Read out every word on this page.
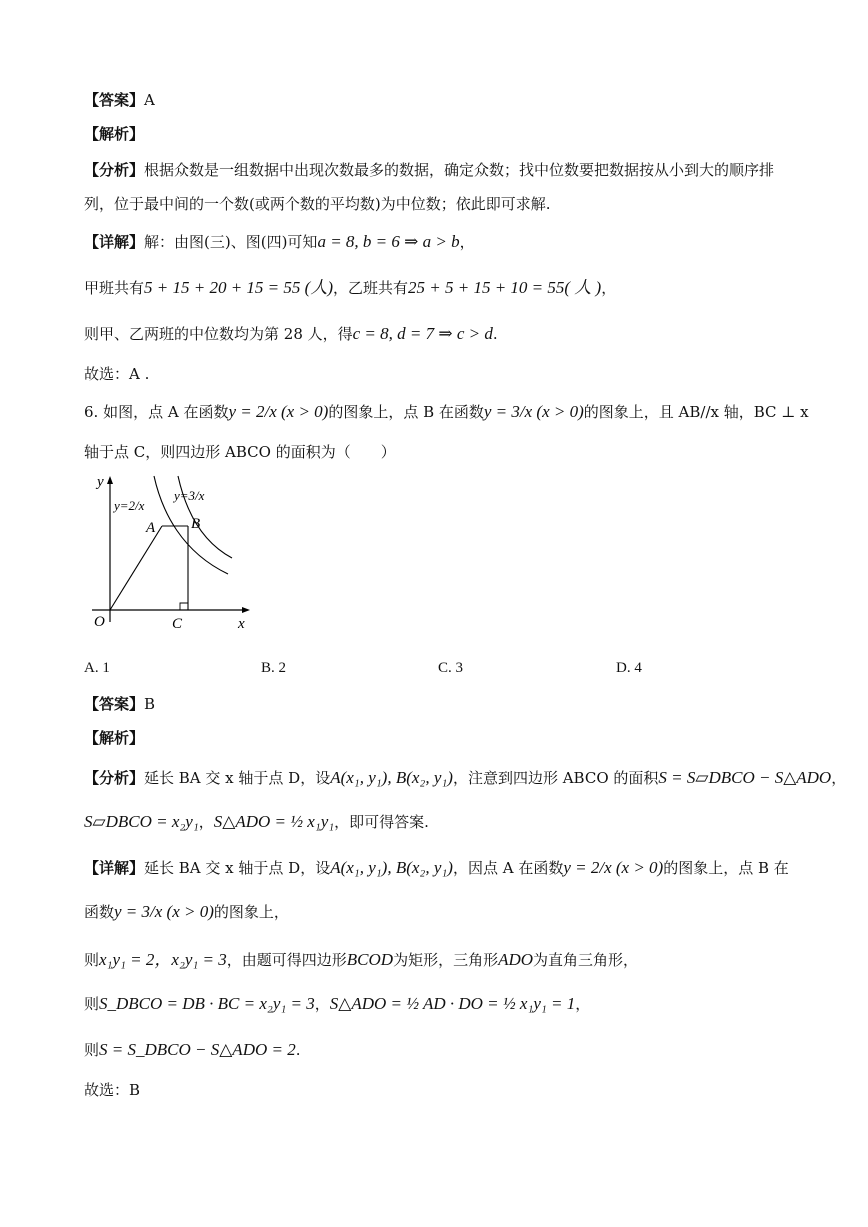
【答案】A
【解析】
【分析】根据众数是一组数据中出现次数最多的数据，确定众数；找中位数要把数据按从小到大的顺序排
列，位于最中间的一个数(或两个数的平均数)为中位数；依此即可求解.
【详解】解：由图(三)、图(四)可知a = 8, b = 6 ⇒ a > b，
甲班共有5 + 15 + 20 + 15 = 55 (人)，乙班共有25 + 5 + 15 + 10 = 55( 人 )，
则甲、乙两班的中位数均为第 28 人，得c = 8, d = 7 ⇒ c > d.
故选：A .
6. 如图，点 A 在函数y = 2/x (x > 0)的图象上，点 B 在函数y = 3/x (x > 0)的图象上，且 AB//x 轴，BC ⊥ x
轴于点 C，则四边形 ABCO 的面积为（　　）
y
x
O
A B
C
y=2/x
y=3/x
A. 1	B. 2	C. 3	D. 4
【答案】B
【解析】
【分析】延长 BA 交 x 轴于点 D，设A(x₁, y₁), B(x₂, y₁)，注意到四边形 ABCO 的面积S = S▱DBCO − S△ADO，
S▱DBCO = x₂y₁，S△ADO = ½ x₁y₁，即可得答案.
【详解】延长 BA 交 x 轴于点 D，设A(x₁, y₁), B(x₂, y₁)，因点 A 在函数y = 2/x (x > 0)的图象上，点 B 在
函数y = 3/x (x > 0)的图象上，
则x₁y₁ = 2，x₂y₁ = 3，由题可得四边形BCOD为矩形，三角形ADO为直角三角形，
则S_DBCO = DB · BC = x₂y₁ = 3，S△ADO = ½ AD · DO = ½ x₁y₁ = 1，
则S = S_DBCO − S△ADO = 2.
故选：B
